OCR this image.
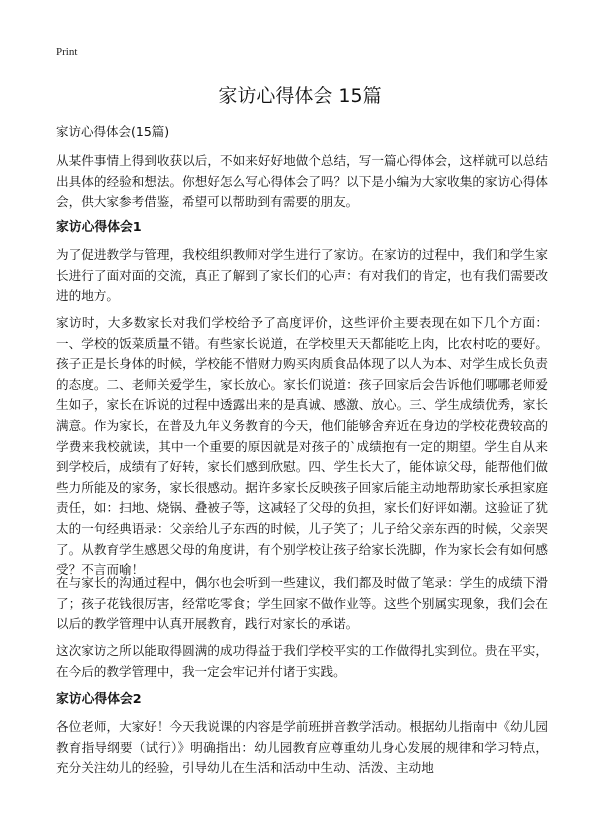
Print
家访心得体会 15篇
家访心得体会(15篇)

从某件事情上得到收获以后，不如来好好地做个总结，写一篇心得体会，这样就可以总结出具体的经验和想法。你想好怎么写心得体会了吗？以下是小编为大家收集的家访心得体会，供大家参考借鉴，希望可以帮助到有需要的朋友。

家访心得体会1

为了促进教学与管理，我校组织教师对学生进行了家访。在家访的过程中，我们和学生家长进行了面对面的交流，真正了解到了家长们的心声：有对我们的肯定，也有我们需要改进的地方。

家访时，大多数家长对我们学校给予了高度评价，这些评价主要表现在如下几个方面：一、学校的饭菜质量不错。有些家长说道，在学校里天天都能吃上肉，比农村吃的要好。孩子正是长身体的时候，学校能不惜财力购买肉质食品体现了以人为本、对学生成长负责的态度。二、老师关爱学生，家长放心。家长们说道：孩子回家后会告诉他们哪哪老师爱生如子，家长在诉说的过程中透露出来的是真诚、感激、放心。三、学生成绩优秀，家长满意。作为家长，在普及九年义务教育的今天，他们能够舍弃近在身边的学校花费较高的学费来我校就读，其中一个重要的原因就是对孩子的`成绩抱有一定的期望。学生自从来到学校后，成绩有了好转，家长们感到欣慰。四、学生长大了，能体谅父母，能帮他们做些力所能及的家务，家长很感动。据许多家长反映孩子回家后能主动地帮助家长承担家庭责任，如：扫地、烧锅、叠被子等，这减轻了父母的负担，家长们好评如潮。这验证了犹太的一句经典语录：父亲给儿子东西的时候，儿子笑了；儿子给父亲东西的时候，父亲哭了。从教育学生感恩父母的角度讲，有个别学校让孩子给家长洗脚，作为家长会有如何感受？不言而喻！

在与家长的沟通过程中，偶尔也会听到一些建议，我们都及时做了笔录：学生的成绩下滑了；孩子花钱很厉害，经常吃零食；学生回家不做作业等。这些个别属实现象，我们会在以后的教学管理中认真开展教育，践行对家长的承诺。

这次家访之所以能取得圆满的成功得益于我们学校平实的工作做得扎实到位。贵在平实，在今后的教学管理中，我一定会牢记并付诸于实践。

家访心得体会2

各位老师，大家好！今天我说课的内容是学前班拼音教学活动。根据幼儿指南中《幼儿园教育指导纲要（试行）》明确指出：幼儿园教育应尊重幼儿身心发展的规律和学习特点，充分关注幼儿的经验，引导幼儿在生活和活动中生动、活泼、主动地
